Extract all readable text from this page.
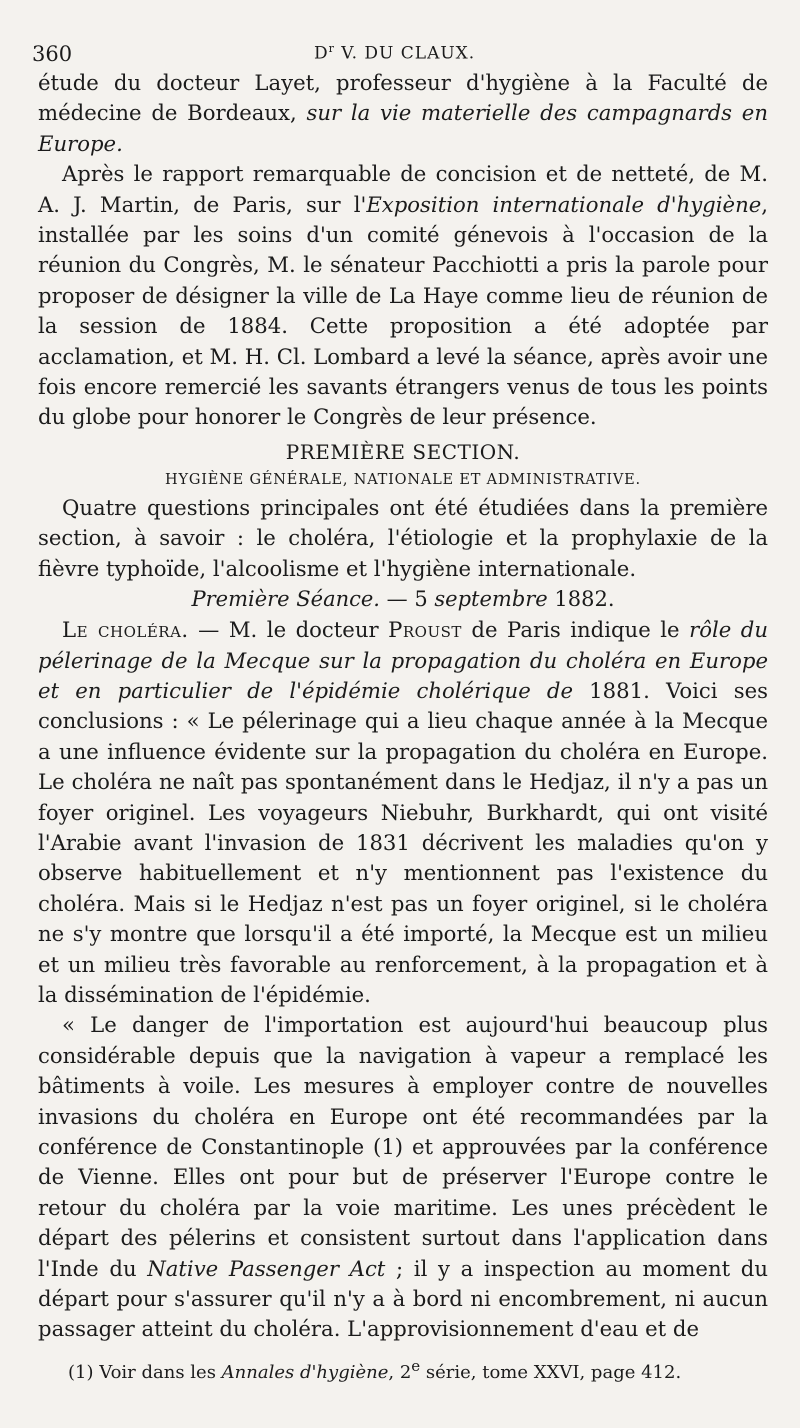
360	$D^r$ V. DU CLAUX.

étude du docteur Layet, professeur d'hygiène à la Faculté de médecine de Bordeaux, sur la vie materielle des campagnards en Europe.

Après le rapport remarquable de concision et de netteté, de M. A. J. Martin, de Paris, sur l'Exposition internationale d'hygiène, installée par les soins d'un comité génevois à l'occasion de la réunion du Congrès, M. le sénateur Pacchiotti a pris la parole pour proposer de désigner la ville de La Haye comme lieu de réunion de la session de 1884. Cette proposition a été adoptée par acclamation, et M. H. Cl. Lombard a levé la séance, après avoir une fois encore remercié les savants étrangers venus de tous les points du globe pour honorer le Congrès de leur présence.

PREMIÈRE SECTION.

HYGIÈNE GÉNÉRALE, NATIONALE ET ADMINISTRATIVE.

Quatre questions principales ont été étudiées dans la première section, à savoir : le choléra, l'étiologie et la prophylaxie de la fièvre typhoïde, l'alcoolisme et l'hygiène internationale.

Première Séance. — 5 septembre 1882.

Le choléra. — M. le docteur Proust de Paris indique le rôle du pélerinage de la Mecque sur la propagation du choléra en Europe et en particulier de l'épidémie cholérique de 1881. Voici ses conclusions : « Le pélerinage qui a lieu chaque année à la Mecque a une influence évidente sur la propagation du choléra en Europe. Le choléra ne naît pas spontanément dans le Hedjaz, il n'y a pas un foyer originel. Les voyageurs Niebuhr, Burkhardt, qui ont visité l'Arabie avant l'invasion de 1831 décrivent les maladies qu'on y observe habituellement et n'y mentionnent pas l'existence du choléra. Mais si le Hedjaz n'est pas un foyer originel, si le choléra ne s'y montre que lorsqu'il a été importé, la Mecque est un milieu et un milieu très favorable au renforcement, à la propagation et à la dissémination de l'épidémie.

« Le danger de l'importation est aujourd'hui beaucoup plus considérable depuis que la navigation à vapeur a remplacé les bâtiments à voile. Les mesures à employer contre de nouvelles invasions du choléra en Europe ont été recommandées par la conférence de Constantinople (1) et approuvées par la conférence de Vienne. Elles ont pour but de préserver l'Europe contre le retour du choléra par la voie maritime. Les unes précèdent le départ des pélerins et consistent surtout dans l'application dans l'Inde du Native Passenger Act ; il y a inspection au moment du départ pour s'assurer qu'il n'y a à bord ni encombrement, ni aucun passager atteint du choléra. L'approvisionnement d'eau et de

(1) Voir dans les Annales d'hygiène, 2e série, tome XXVI, page 412.
